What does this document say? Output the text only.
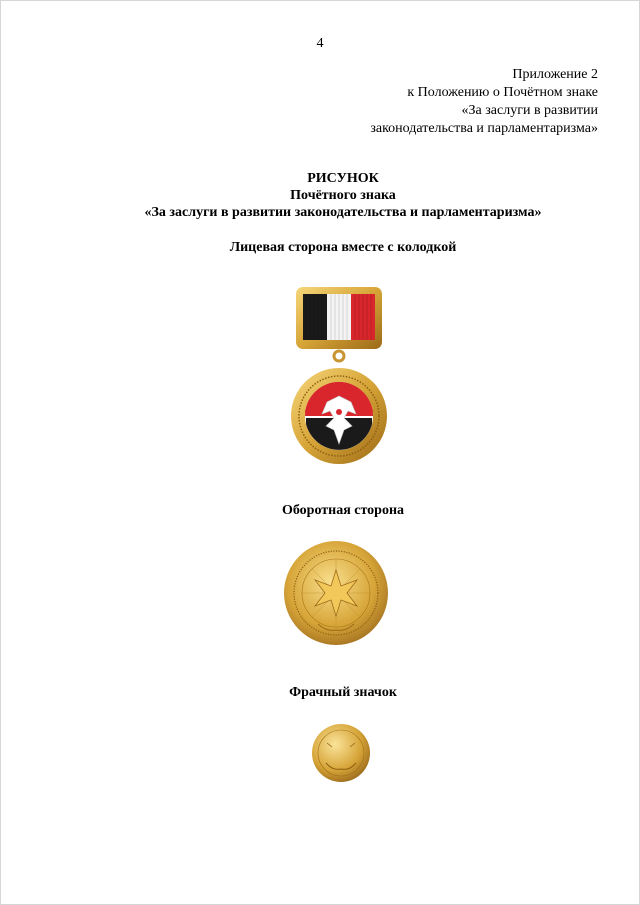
4
Приложение 2
к Положению о Почётном знаке
«За заслуги в развитии
законодательства и парламентаризма»
РИСУНОК
Почётного знака
«За заслуги в развитии законодательства и парламентаризма»
Лицевая сторона вместе с колодкой
Оборотная сторона
Фрачный значок
